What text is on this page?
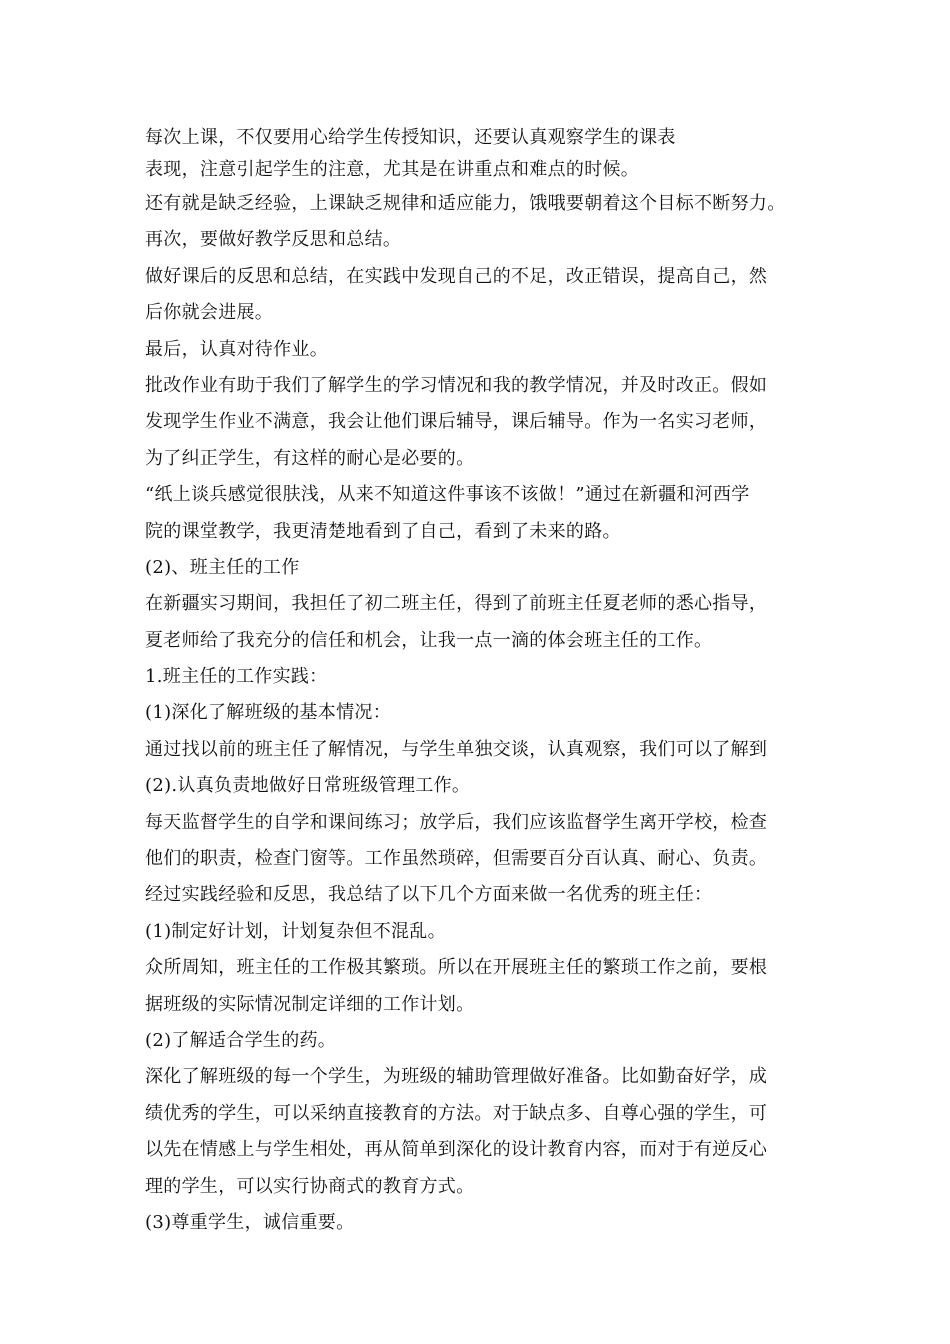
每次上课，不仅要用心给学生传授知识，还要认真观察学生的课表
表现，注意引起学生的注意，尤其是在讲重点和难点的时候。
还有就是缺乏经验，上课缺乏规律和适应能力，饿哦要朝着这个目标不断努力。
再次，要做好教学反思和总结。
做好课后的反思和总结，在实践中发现自己的不足，改正错误，提高自己，然
后你就会进展。
最后，认真对待作业。
批改作业有助于我们了解学生的学习情况和我的教学情况，并及时改正。假如
发现学生作业不满意，我会让他们课后辅导，课后辅导。作为一名实习老师，
为了纠正学生，有这样的耐心是必要的。
“纸上谈兵感觉很肤浅，从来不知道这件事该不该做！”通过在新疆和河西学
院的课堂教学，我更清楚地看到了自己，看到了未来的路。
(2)、班主任的工作
在新疆实习期间，我担任了初二班主任，得到了前班主任夏老师的悉心指导，
夏老师给了我充分的信任和机会，让我一点一滴的体会班主任的工作。
1.班主任的工作实践：
(1)深化了解班级的基本情况：
通过找以前的班主任了解情况，与学生单独交谈，认真观察，我们可以了解到
(2).认真负责地做好日常班级管理工作。
每天监督学生的自学和课间练习；放学后，我们应该监督学生离开学校，检查
他们的职责，检查门窗等。工作虽然琐碎，但需要百分百认真、耐心、负责。
经过实践经验和反思，我总结了以下几个方面来做一名优秀的班主任：
(1)制定好计划，计划复杂但不混乱。
众所周知，班主任的工作极其繁琐。所以在开展班主任的繁琐工作之前，要根
据班级的实际情况制定详细的工作计划。
(2)了解适合学生的药。
深化了解班级的每一个学生，为班级的辅助管理做好准备。比如勤奋好学，成
绩优秀的学生，可以采纳直接教育的方法。对于缺点多、自尊心强的学生，可
以先在情感上与学生相处，再从简单到深化的设计教育内容，而对于有逆反心
理的学生，可以实行协商式的教育方式。
(3)尊重学生，诚信重要。
